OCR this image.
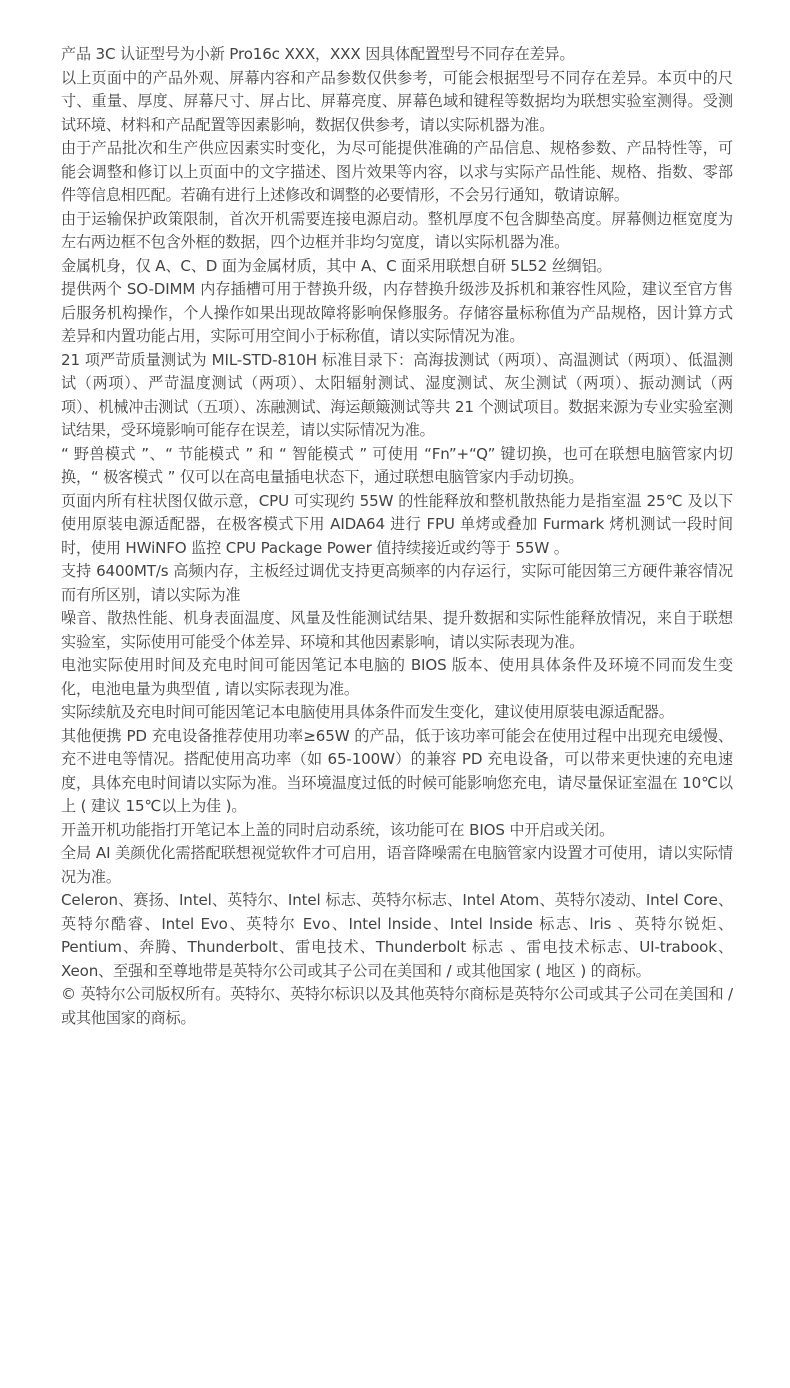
产品 3C 认证型号为小新 Pro16c XXX，XXX 因具体配置型号不同存在差异。

以上页面中的产品外观、屏幕内容和产品参数仅供参考，可能会根据型号不同存在差异。本页中的尺寸、重量、厚度、屏幕尺寸、屏占比、屏幕亮度、屏幕色域和键程等数据均为联想实验室测得。受测试环境、材料和产品配置等因素影响，数据仅供参考，请以实际机器为准。

由于产品批次和生产供应因素实时变化，为尽可能提供准确的产品信息、规格参数、产品特性等，可能会调整和修订以上页面中的文字描述、图片效果等内容，以求与实际产品性能、规格、指数、零部件等信息相匹配。若确有进行上述修改和调整的必要情形，不会另行通知，敬请谅解。

由于运输保护政策限制，首次开机需要连接电源启动。整机厚度不包含脚垫高度。屏幕侧边框宽度为左右两边框不包含外框的数据，四个边框并非均匀宽度，请以实际机器为准。

金属机身，仅 A、C、D 面为金属材质，其中 A、C 面采用联想自研 5L52 丝绸铝。

提供两个 SO-DIMM 内存插槽可用于替换升级，内存替换升级涉及拆机和兼容性风险，建议至官方售后服务机构操作，个人操作如果出现故障将影响保修服务。存储容量标称值为产品规格，因计算方式差异和内置功能占用，实际可用空间小于标称值，请以实际情况为准。

21 项严苛质量测试为 MIL-STD-810H 标准目录下：高海拔测试（两项）、高温测试（两项）、低温测试（两项）、严苛温度测试（两项）、太阳辐射测试、湿度测试、灰尘测试（两项）、振动测试（两项）、机械冲击测试（五项）、冻融测试、海运颠簸测试等共 21 个测试项目。数据来源为专业实验室测试结果，受环境影响可能存在误差，请以实际情况为准。

“ 野兽模式 ”、“ 节能模式 ” 和 “ 智能模式 ” 可使用 “Fn”+“Q” 键切换，也可在联想电脑管家内切换，“ 极客模式 ” 仅可以在高电量插电状态下，通过联想电脑管家内手动切换。

页面内所有柱状图仅做示意，CPU 可实现约 55W 的性能释放和整机散热能力是指室温 25℃ 及以下使用原装电源适配器，在极客模式下用 AIDA64 进行 FPU 单烤或叠加 Furmark 烤机测试一段时间时，使用 HWiNFO 监控 CPU Package Power 值持续接近或约等于 55W 。

支持 6400MT/s 高频内存，主板经过调优支持更高频率的内存运行，实际可能因第三方硬件兼容情况而有所区别，请以实际为准

噪音、散热性能、机身表面温度、风量及性能测试结果、提升数据和实际性能释放情况，来自于联想实验室，实际使用可能受个体差异、环境和其他因素影响，请以实际表现为准。

电池实际使用时间及充电时间可能因笔记本电脑的 BIOS 版本、使用具体条件及环境不同而发生变化，电池电量为典型值 , 请以实际表现为准。

实际续航及充电时间可能因笔记本电脑使用具体条件而发生变化，建议使用原装电源适配器。

其他便携 PD 充电设备推荐使用功率≥65W 的产品，低于该功率可能会在使用过程中出现充电缓慢、充不进电等情况。搭配使用高功率（如 65-100W）的兼容 PD 充电设备，可以带来更快速的充电速度，具体充电时间请以实际为准。当环境温度过低的时候可能影响您充电，请尽量保证室温在 10℃以上 ( 建议 15℃以上为佳 )。

开盖开机功能指打开笔记本上盖的同时启动系统，该功能可在 BIOS 中开启或关闭。

全局 AI 美颜优化需搭配联想视觉软件才可启用，语音降噪需在电脑管家内设置才可使用，请以实际情况为准。

Celeron、赛扬、Intel、英特尔、Intel 标志、英特尔标志、Intel Atom、英特尔凌动、Intel Core、英特尔酷睿、Intel Evo、英特尔 Evo、Intel lnside、Intel lnside 标志、lris 、英特尔锐炬、Pentium、奔腾、Thunderbolt、雷电技术、Thunderbolt 标志 、雷电技术标志、UI-trabook、Xeon、至强和至尊地带是英特尔公司或其子公司在美国和 / 或其他国家 ( 地区 ) 的商标。

© 英特尔公司版权所有。英特尔、英特尔标识以及其他英特尔商标是英特尔公司或其子公司在美国和 / 或其他国家的商标。
